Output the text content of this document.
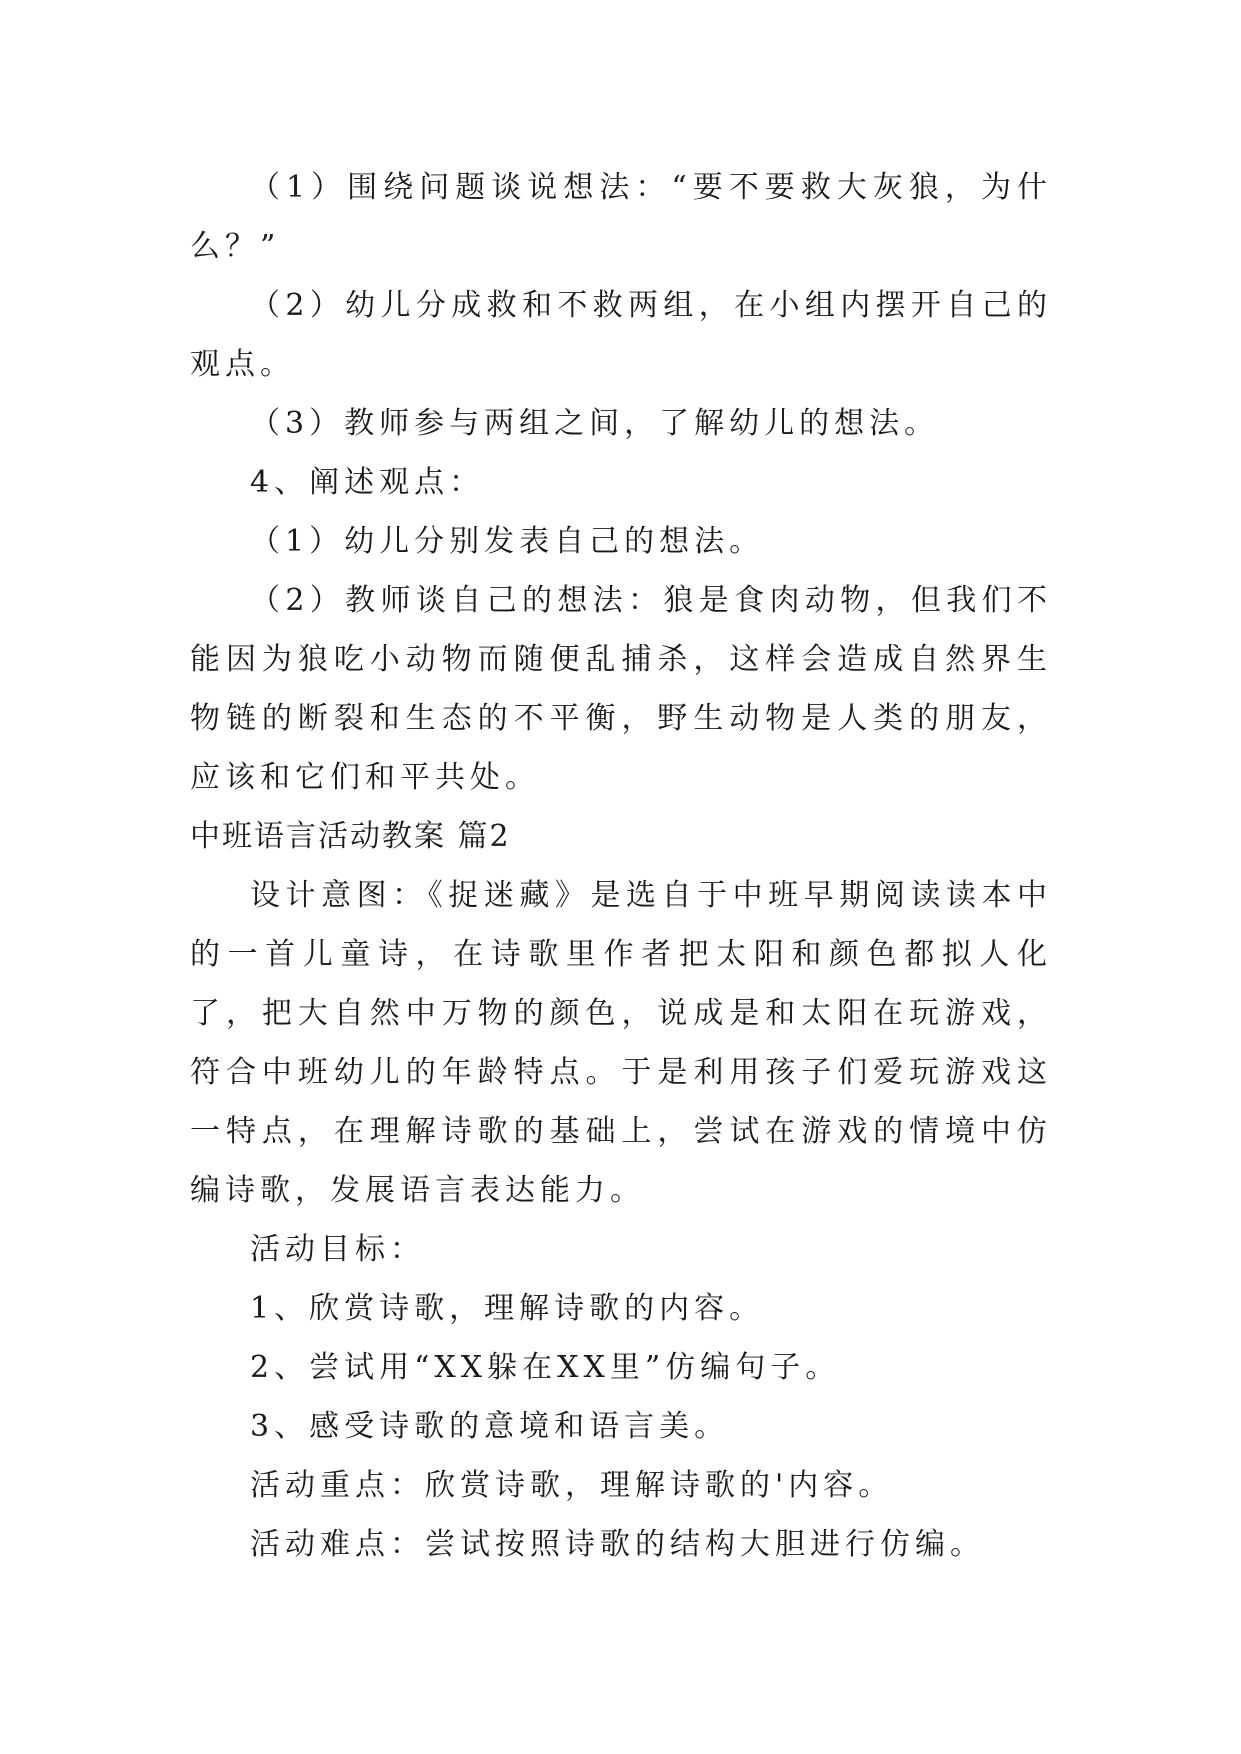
（1）围绕问题谈说想法：“要不要救大灰狼，为什么？”

（2）幼儿分成救和不救两组，在小组内摆开自己的观点。

（3）教师参与两组之间，了解幼儿的想法。

4、阐述观点：

（1）幼儿分别发表自己的想法。

（2）教师谈自己的想法：狼是食肉动物，但我们不能因为狼吃小动物而随便乱捕杀，这样会造成自然界生物链的断裂和生态的不平衡，野生动物是人类的朋友，应该和它们和平共处。

中班语言活动教案 篇2

设计意图：《捉迷藏》是选自于中班早期阅读读本中的一首儿童诗，在诗歌里作者把太阳和颜色都拟人化了，把大自然中万物的颜色，说成是和太阳在玩游戏，符合中班幼儿的年龄特点。于是利用孩子们爱玩游戏这一特点，在理解诗歌的基础上，尝试在游戏的情境中仿编诗歌，发展语言表达能力。

活动目标：

1、欣赏诗歌，理解诗歌的内容。

2、尝试用“XX躲在XX里”仿编句子。

3、感受诗歌的意境和语言美。

活动重点：欣赏诗歌，理解诗歌的'内容。

活动难点：尝试按照诗歌的结构大胆进行仿编。
